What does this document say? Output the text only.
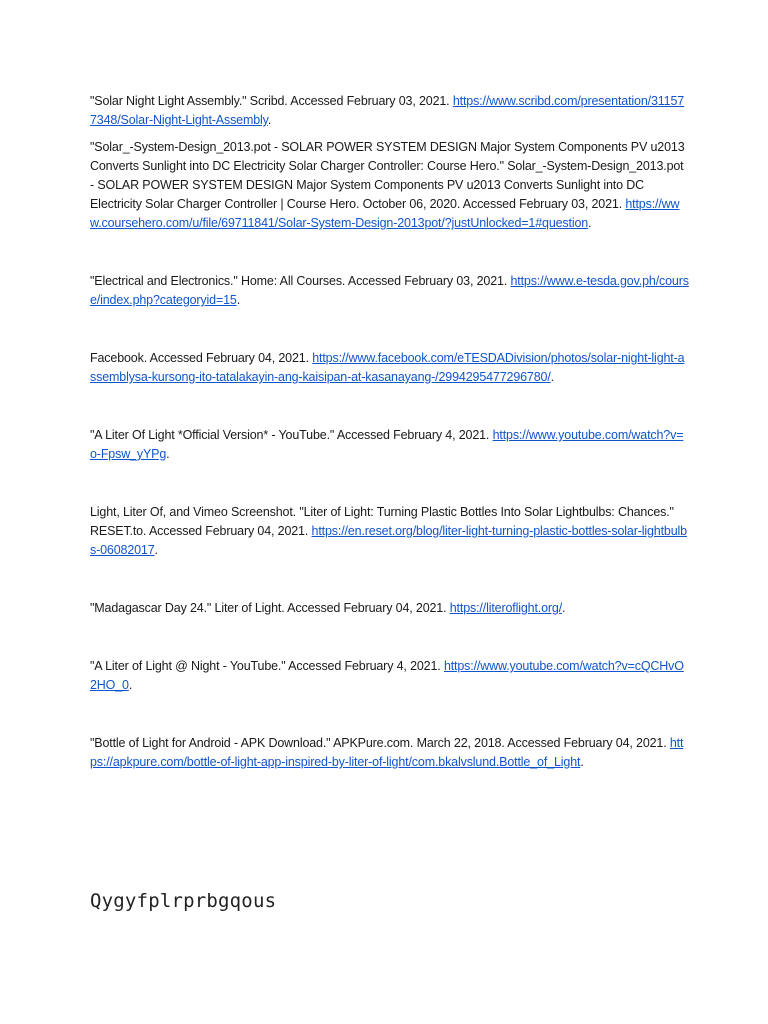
"Solar Night Light Assembly." Scribd. Accessed February 03, 2021. https://www.scribd.com/presentation/311577348/Solar-Night-Light-Assembly.
"Solar_-System-Design_2013.pot - SOLAR POWER SYSTEM DESIGN Major System Components PV u2013 Converts Sunlight into DC Electricity Solar Charger Controller: Course Hero." Solar_-System-Design_2013.pot - SOLAR POWER SYSTEM DESIGN Major System Components PV u2013 Converts Sunlight into DC Electricity Solar Charger Controller | Course Hero. October 06, 2020. Accessed February 03, 2021. https://www.coursehero.com/u/file/69711841/Solar-System-Design-2013pot/?justUnlocked=1#question.
"Electrical and Electronics." Home: All Courses. Accessed February 03, 2021. https://www.e-tesda.gov.ph/course/index.php?categoryid=15.
Facebook. Accessed February 04, 2021. https://www.facebook.com/eTESDADivision/photos/solar-night-light-assemblysa-kursong-ito-tatalakayin-ang-kaisipan-at-kasanayang-/2994295477296780/.
"A Liter Of Light *Official Version* - YouTube." Accessed February 4, 2021. https://www.youtube.com/watch?v=o-Fpsw_yYPg.
Light, Liter Of, and Vimeo Screenshot. "Liter of Light: Turning Plastic Bottles Into Solar Lightbulbs: Chances." RESET.to. Accessed February 04, 2021. https://en.reset.org/blog/liter-light-turning-plastic-bottles-solar-lightbulbs-06082017.
"Madagascar Day 24." Liter of Light. Accessed February 04, 2021. https://literoflight.org/.
"A Liter of Light @ Night - YouTube." Accessed February 4, 2021. https://www.youtube.com/watch?v=cQCHvO2HO_0.
"Bottle of Light for Android - APK Download." APKPure.com. March 22, 2018. Accessed February 04, 2021. https://apkpure.com/bottle-of-light-app-inspired-by-liter-of-light/com.bkalvslund.Bottle_of_Light.
Qygyfplrprbgqous
